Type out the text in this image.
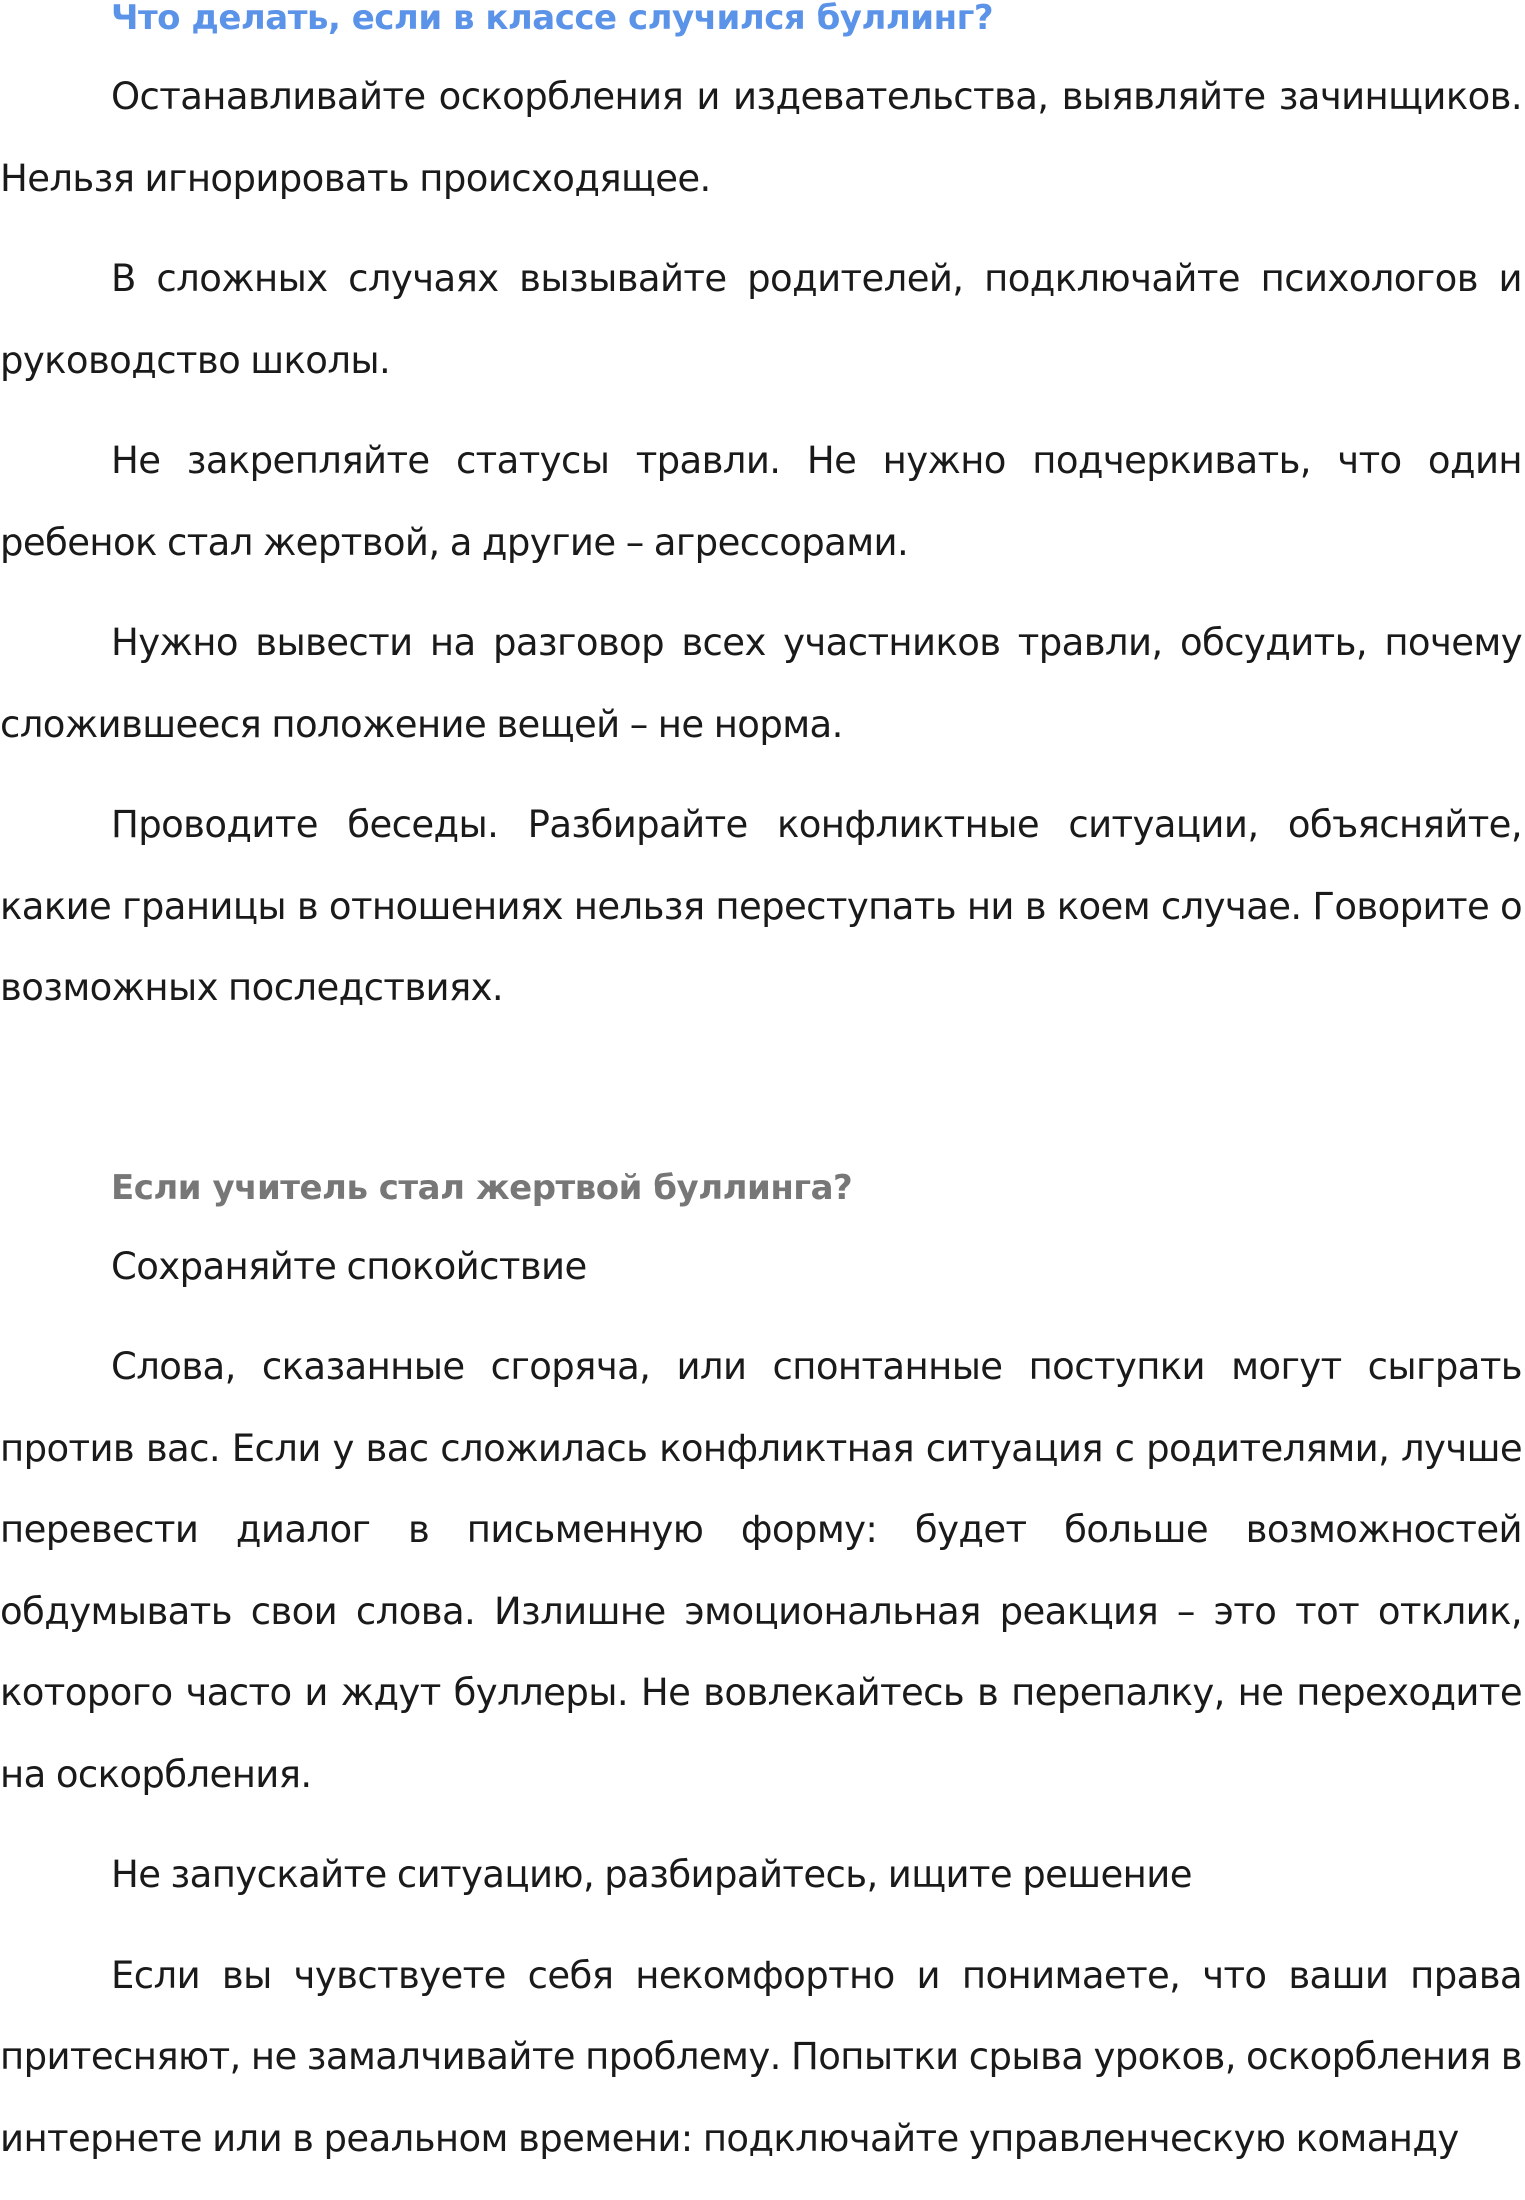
Что делать, если в классе случился буллинг?

Останавливайте оскорбления и издевательства, выявляйте зачинщиков. Нельзя игнорировать происходящее.

В сложных случаях вызывайте родителей, подключайте психологов и руководство школы.

Не закрепляйте статусы травли. Не нужно подчеркивать, что один ребенок стал жертвой, а другие – агрессорами.

Нужно вывести на разговор всех участников травли, обсудить, почему сложившееся положение вещей – не норма.

Проводите беседы. Разбирайте конфликтные ситуации, объясняйте, какие границы в отношениях нельзя переступать ни в коем случае. Говорите о возможных последствиях.

Если учитель стал жертвой буллинга?

Сохраняйте спокойствие

Слова, сказанные сгоряча, или спонтанные поступки могут сыграть против вас. Если у вас сложилась конфликтная ситуация с родителями, лучше перевести диалог в письменную форму: будет больше возможностей обдумывать свои слова. Излишне эмоциональная реакция – это тот отклик, которого часто и ждут буллеры. Не вовлекайтесь в перепалку, не переходите на оскорбления.

Не запускайте ситуацию, разбирайтесь, ищите решение

Если вы чувствуете себя некомфортно и понимаете, что ваши права притесняют, не замалчивайте проблему. Попытки срыва уроков, оскорбления в интернете или в реальном времени: подключайте управленческую команду
